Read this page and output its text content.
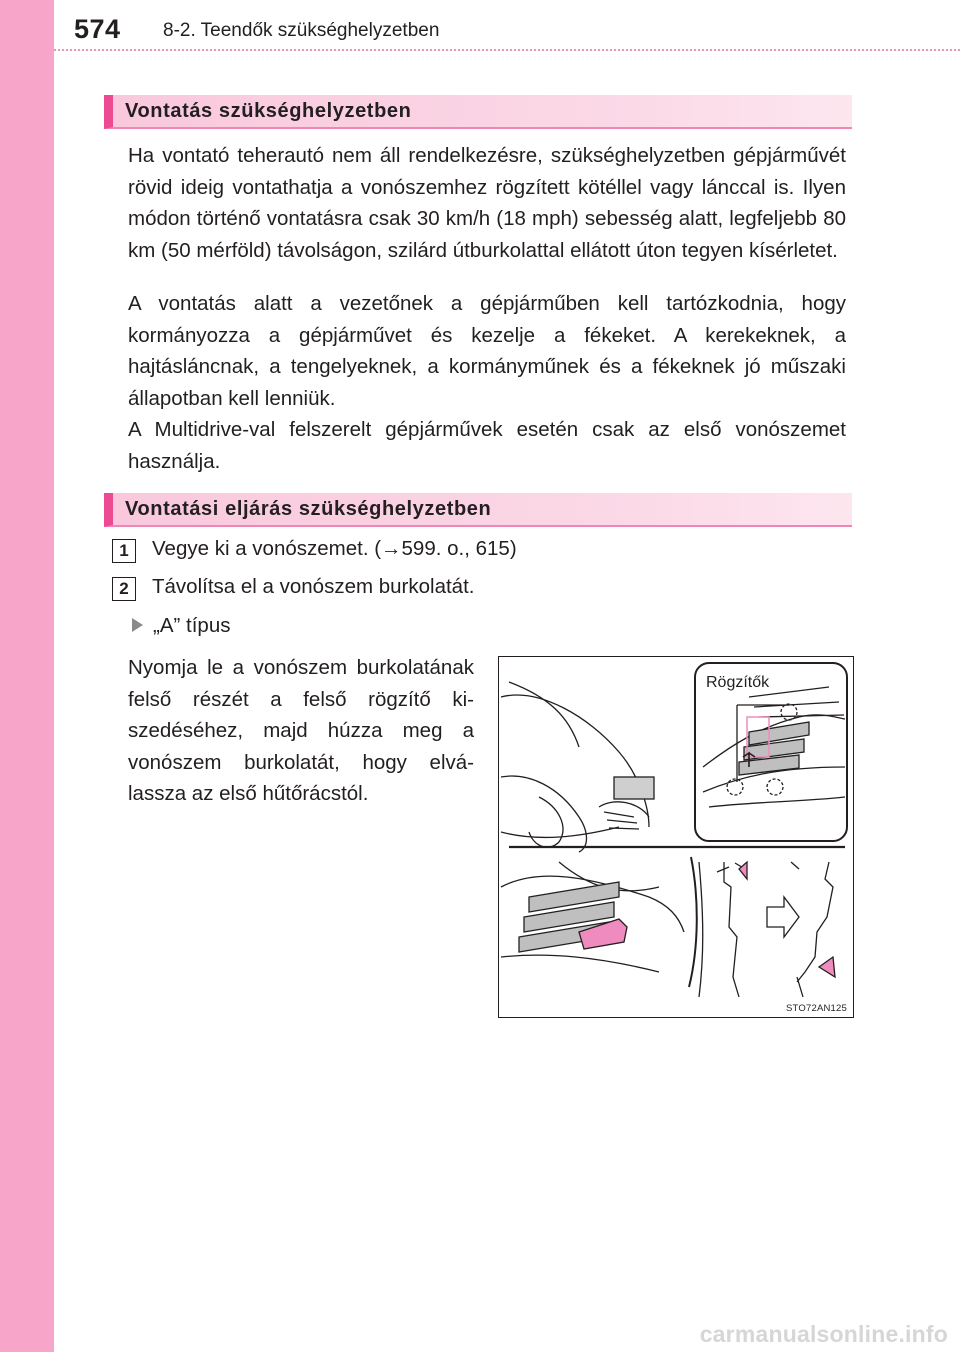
574 8-2. Teendők szükséghelyzetben
Vontatás szükséghelyzetben

Ha vontató teherautó nem áll rendelkezésre, szükséghelyzetben gépjárművét rövid ideig vontathatja a vonószemhez rögzített kötéllel vagy lánccal is. Ilyen módon történő vontatásra csak 30 km/h (18 mph) sebesség alatt, legfeljebb 80 km (50 mérföld) távolságon, szilárd útburkolattal ellátott úton tegyen kísérletet.

A vontatás alatt a vezetőnek a gépjárműben kell tartózkodnia, hogy kormányozza a gépjárművet és kezelje a fékeket. A kerekeknek, a hajtásláncnak, a tengelyeknek, a kormányműnek és a fékeknek jó műszaki állapotban kell lenniük.

A Multidrive-val felszerelt gépjárművek esetén csak az első vonószemet használja.

Vontatási eljárás szükséghelyzetben
1	Vegye ki a vonószemet. (→599. o., 615)
2	Távolítsa el a vonószem burkolatát.
„A” típus

Nyomja le a vonószem burkolatának felső részét a felső rögzítő kiszedéséhez, majd húzza meg a vonószem burkolatát, hogy elválassza az első hűtőrácstól.

Rögzítők
STO72AN125
carmanualsonline.info
